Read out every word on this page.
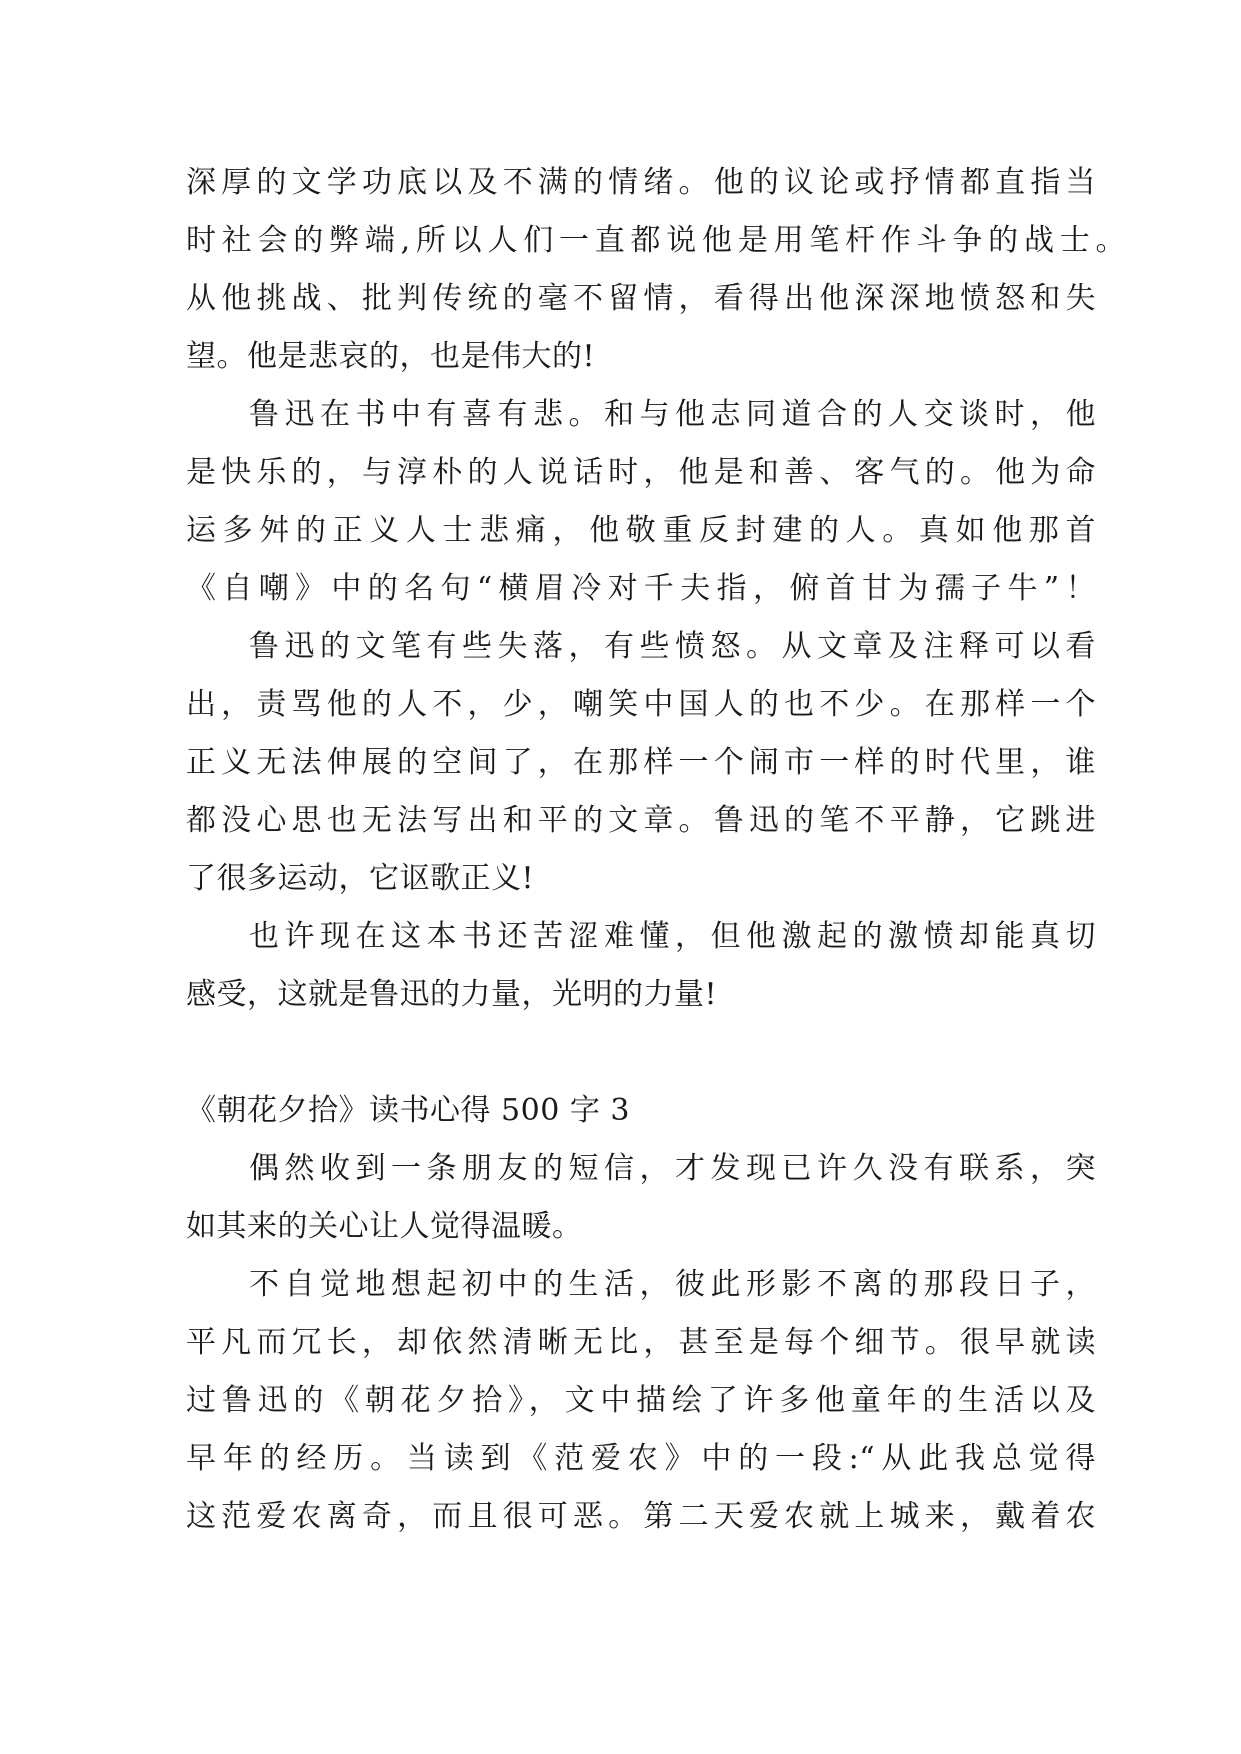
深厚的文学功底以及不满的情绪。他的议论或抒情都直指当
时社会的弊端,所以人们一直都说他是用笔杆作斗争的战士。
从他挑战、批判传统的毫不留情，看得出他深深地愤怒和失
望。他是悲哀的，也是伟大的!
鲁迅在书中有喜有悲。和与他志同道合的人交谈时，他
是快乐的，与淳朴的人说话时，他是和善、客气的。他为命
运多舛的正义人士悲痛，他敬重反封建的人。真如他那首
《自嘲》中的名句“横眉冷对千夫指，俯首甘为孺子牛”！
鲁迅的文笔有些失落，有些愤怒。从文章及注释可以看
出，责骂他的人不，少，嘲笑中国人的也不少。在那样一个
正义无法伸展的空间了，在那样一个闹市一样的时代里，谁
都没心思也无法写出和平的文章。鲁迅的笔不平静，它跳进
了很多运动，它讴歌正义!
也许现在这本书还苦涩难懂，但他激起的激愤却能真切
感受，这就是鲁迅的力量，光明的力量!
《朝花夕拾》读书心得 500 字 3
偶然收到一条朋友的短信，才发现已许久没有联系，突
如其来的关心让人觉得温暖。
不自觉地想起初中的生活，彼此形影不离的那段日子，
平凡而冗长，却依然清晰无比，甚至是每个细节。很早就读
过鲁迅的《朝花夕拾》，文中描绘了许多他童年的生活以及
早年的经历。当读到《范爱农》中的一段:“从此我总觉得
这范爱农离奇，而且很可恶。第二天爱农就上城来，戴着农
